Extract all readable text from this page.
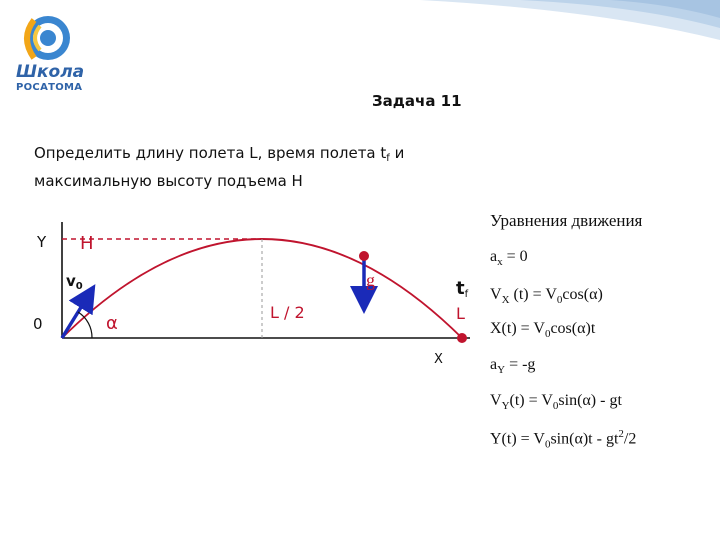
Школа
РОСАТОМА
Задача 11
Определить длину полета L, время полета $t_f$ и максимальную высоту подъема H
Y H
$v_0$
0	α
L / 2
g	tf
L
X
Уравнения движения
$a_x = 0$
$V_X$ $(t) = V_0\cos(\alpha)$
$X(t) = V_0\cos(\alpha)t$
$a_Y = -g$
$V_Y(t) = V_0\sin(\alpha)$ - gt
$Y(t) = V_0\sin(\alpha)t - gt^2/2$
